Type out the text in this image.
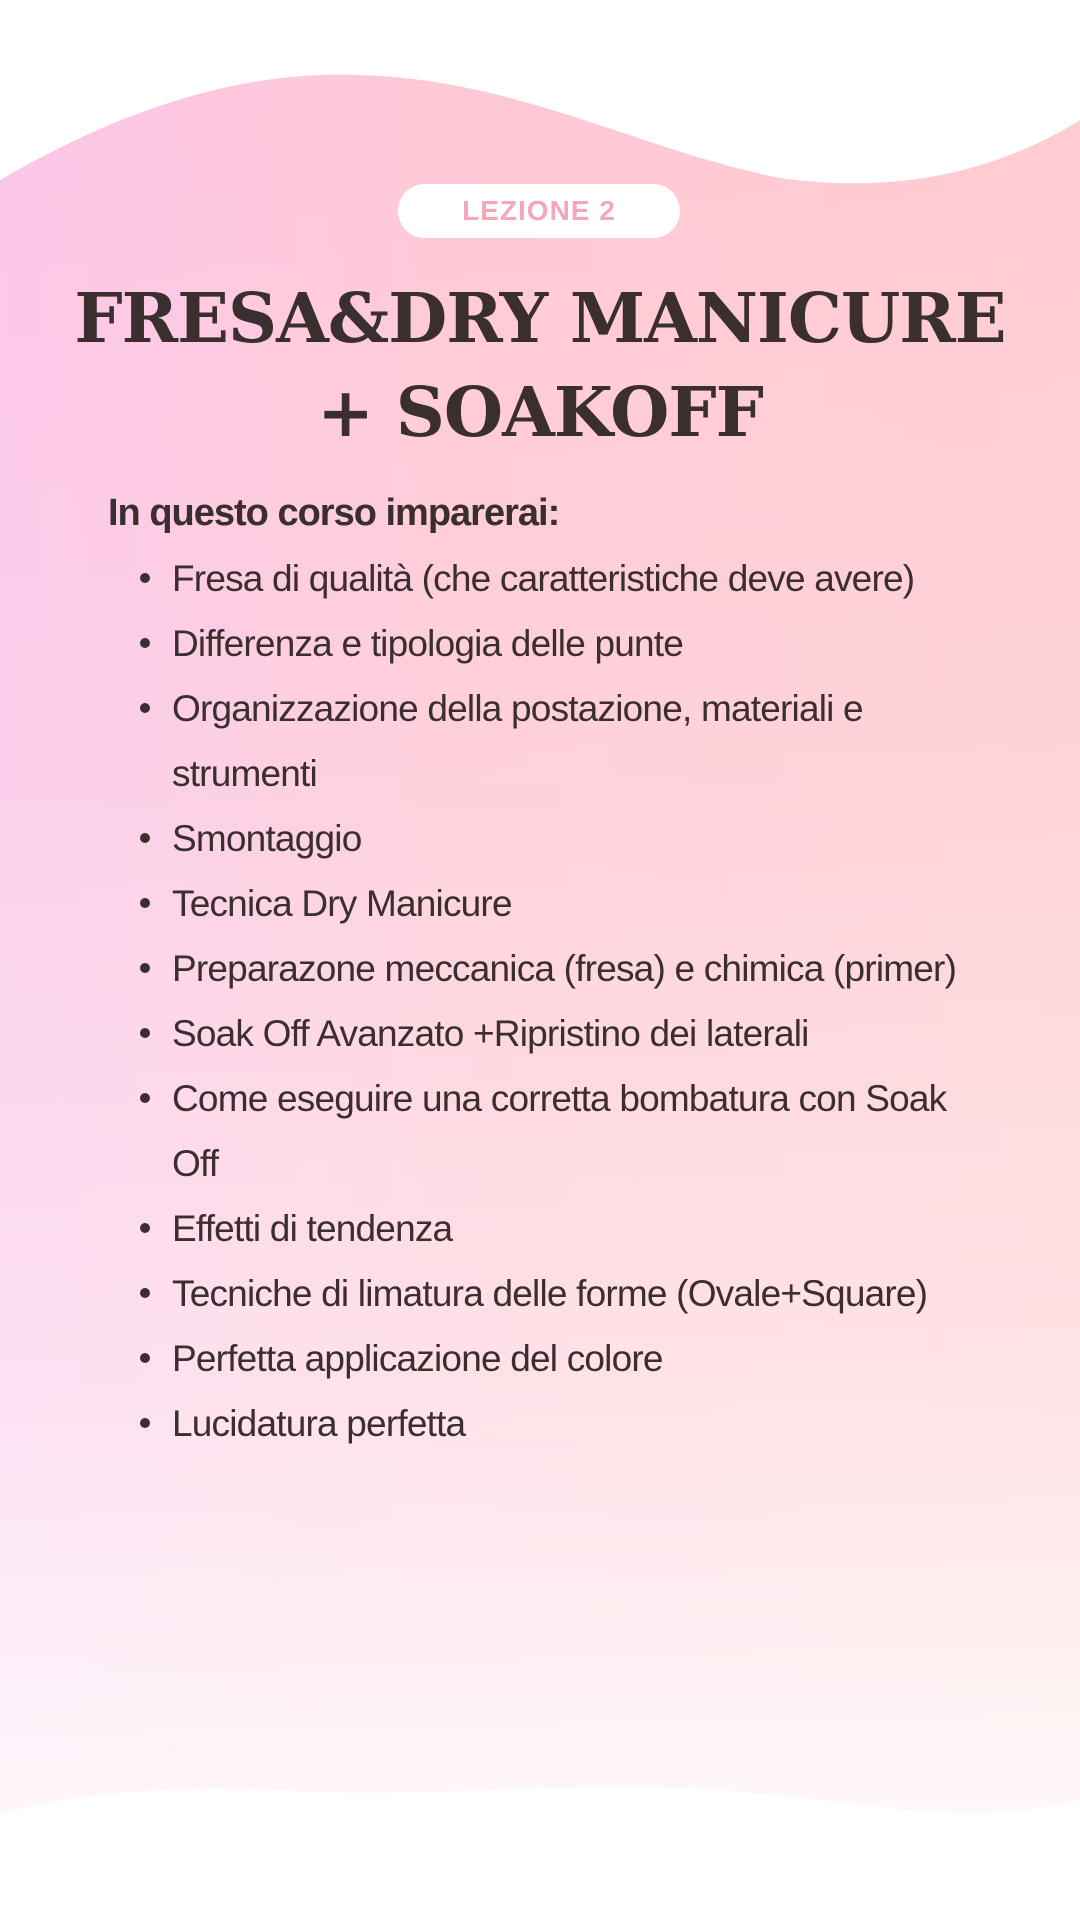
LEZIONE 2
FRESA&DRY MANICURE
+ SOAKOFF
In questo corso imparerai:
Fresa di qualità (che caratteristiche deve avere)
Differenza e tipologia delle punte
Organizzazione della postazione, materiali e strumenti
Smontaggio
Tecnica Dry Manicure
Preparazone meccanica (fresa) e chimica (primer)
Soak Off Avanzato +Ripristino dei laterali
Come eseguire una corretta bombatura con Soak Off
Effetti di tendenza
Tecniche di limatura delle forme (Ovale+Square)
Perfetta applicazione del colore
Lucidatura perfetta
